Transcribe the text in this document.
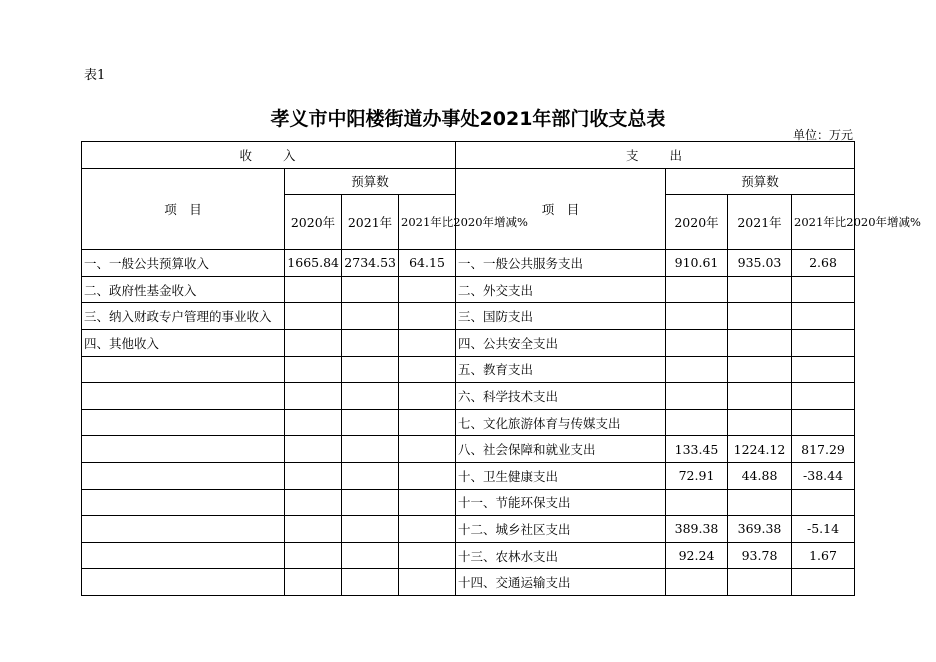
表1
孝义市中阳楼街道办事处2021年部门收支总表
单位：万元
收　　入				支　　出			
项　目	预算数			项　目	预算数		
	2020年	2021年	2021年比2020年增减%		2020年	2021年	2021年比2020年增减%
一、一般公共预算收入	1665.84	2734.53	64.15	一、一般公共服务支出	910.61	935.03	2.68
二、政府性基金收入				二、外交支出			
三、纳入财政专户管理的事业收入				三、国防支出			
四、其他收入				四、公共安全支出			
				五、教育支出			
				六、科学技术支出			
				七、文化旅游体育与传媒支出			
				八、社会保障和就业支出	133.45	1224.12	817.29
				十、卫生健康支出	72.91	44.88	-38.44
				十一、节能环保支出			
				十二、城乡社区支出	389.38	369.38	-5.14
				十三、农林水支出	92.24	93.78	1.67
				十四、交通运输支出			
